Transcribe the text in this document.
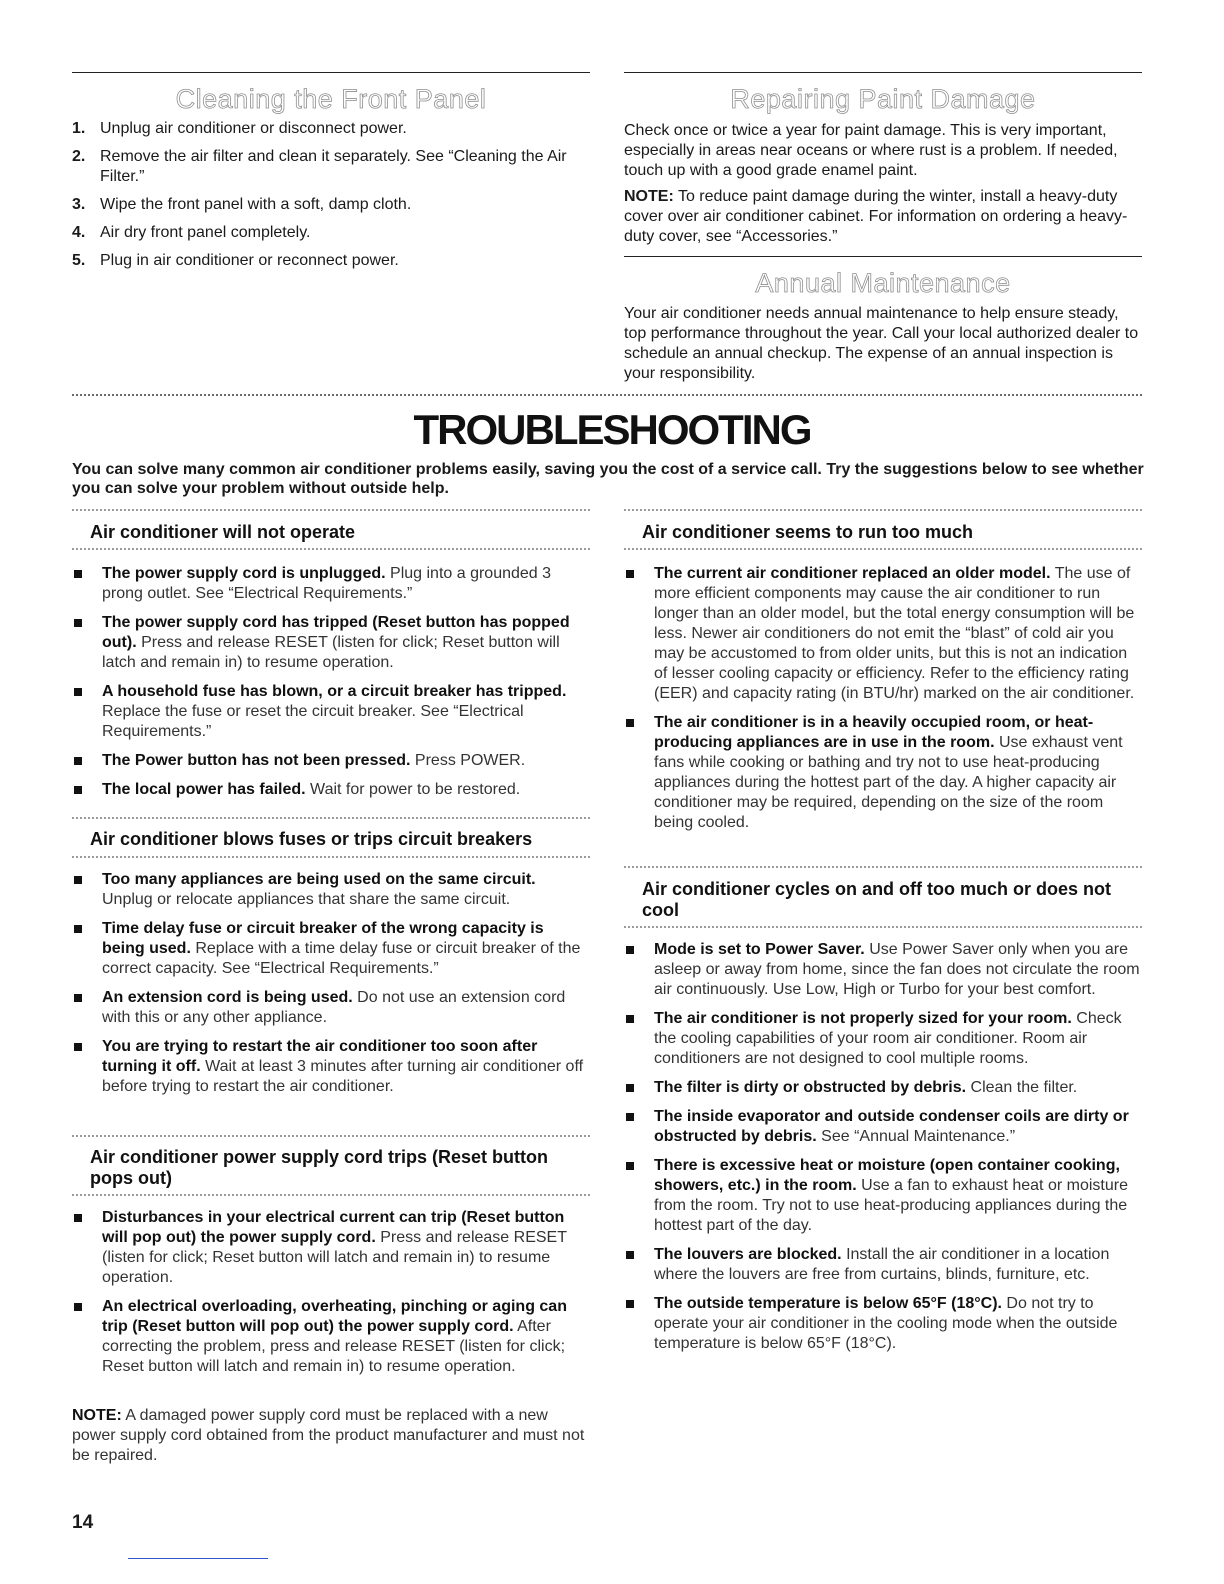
Cleaning the Front Panel
1. Unplug air conditioner or disconnect power.
2. Remove the air filter and clean it separately. See “Cleaning the Air Filter.”
3. Wipe the front panel with a soft, damp cloth.
4. Air dry front panel completely.
5. Plug in air conditioner or reconnect power.
Repairing Paint Damage
Check once or twice a year for paint damage. This is very important, especially in areas near oceans or where rust is a problem. If needed, touch up with a good grade enamel paint.
NOTE: To reduce paint damage during the winter, install a heavy-duty cover over air conditioner cabinet. For information on ordering a heavy-duty cover, see “Accessories.”
Annual Maintenance
Your air conditioner needs annual maintenance to help ensure steady, top performance throughout the year. Call your local authorized dealer to schedule an annual checkup. The expense of an annual inspection is your responsibility.
TROUBLESHOOTING
You can solve many common air conditioner problems easily, saving you the cost of a service call. Try the suggestions below to see whether you can solve your problem without outside help.
Air conditioner will not operate
The power supply cord is unplugged. Plug into a grounded 3 prong outlet. See “Electrical Requirements.”
The power supply cord has tripped (Reset button has popped out). Press and release RESET (listen for click; Reset button will latch and remain in) to resume operation.
A household fuse has blown, or a circuit breaker has tripped. Replace the fuse or reset the circuit breaker. See “Electrical Requirements.”
The Power button has not been pressed. Press POWER.
The local power has failed. Wait for power to be restored.
Air conditioner blows fuses or trips circuit breakers
Too many appliances are being used on the same circuit. Unplug or relocate appliances that share the same circuit.
Time delay fuse or circuit breaker of the wrong capacity is being used. Replace with a time delay fuse or circuit breaker of the correct capacity. See “Electrical Requirements.”
An extension cord is being used. Do not use an extension cord with this or any other appliance.
You are trying to restart the air conditioner too soon after turning it off. Wait at least 3 minutes after turning air conditioner off before trying to restart the air conditioner.
Air conditioner power supply cord trips (Reset button pops out)
Disturbances in your electrical current can trip (Reset button will pop out) the power supply cord. Press and release RESET (listen for click; Reset button will latch and remain in) to resume operation.
An electrical overloading, overheating, pinching or aging can trip (Reset button will pop out) the power supply cord. After correcting the problem, press and release RESET (listen for click; Reset button will latch and remain in) to resume operation.
NOTE: A damaged power supply cord must be replaced with a new power supply cord obtained from the product manufacturer and must not be repaired.
Air conditioner seems to run too much
The current air conditioner replaced an older model. The use of more efficient components may cause the air conditioner to run longer than an older model, but the total energy consumption will be less. Newer air conditioners do not emit the “blast” of cold air you may be accustomed to from older units, but this is not an indication of lesser cooling capacity or efficiency. Refer to the efficiency rating (EER) and capacity rating (in BTU/hr) marked on the air conditioner.
The air conditioner is in a heavily occupied room, or heat-producing appliances are in use in the room. Use exhaust vent fans while cooking or bathing and try not to use heat-producing appliances during the hottest part of the day. A higher capacity air conditioner may be required, depending on the size of the room being cooled.
Air conditioner cycles on and off too much or does not cool
Mode is set to Power Saver. Use Power Saver only when you are asleep or away from home, since the fan does not circulate the room air continuously. Use Low, High or Turbo for your best comfort.
The air conditioner is not properly sized for your room. Check the cooling capabilities of your room air conditioner. Room air conditioners are not designed to cool multiple rooms.
The filter is dirty or obstructed by debris. Clean the filter.
The inside evaporator and outside condenser coils are dirty or obstructed by debris. See “Annual Maintenance.”
There is excessive heat or moisture (open container cooking, showers, etc.) in the room. Use a fan to exhaust heat or moisture from the room. Try not to use heat-producing appliances during the hottest part of the day.
The louvers are blocked. Install the air conditioner in a location where the louvers are free from curtains, blinds, furniture, etc.
The outside temperature is below 65°F (18°C). Do not try to operate your air conditioner in the cooling mode when the outside temperature is below 65°F (18°C).
14
